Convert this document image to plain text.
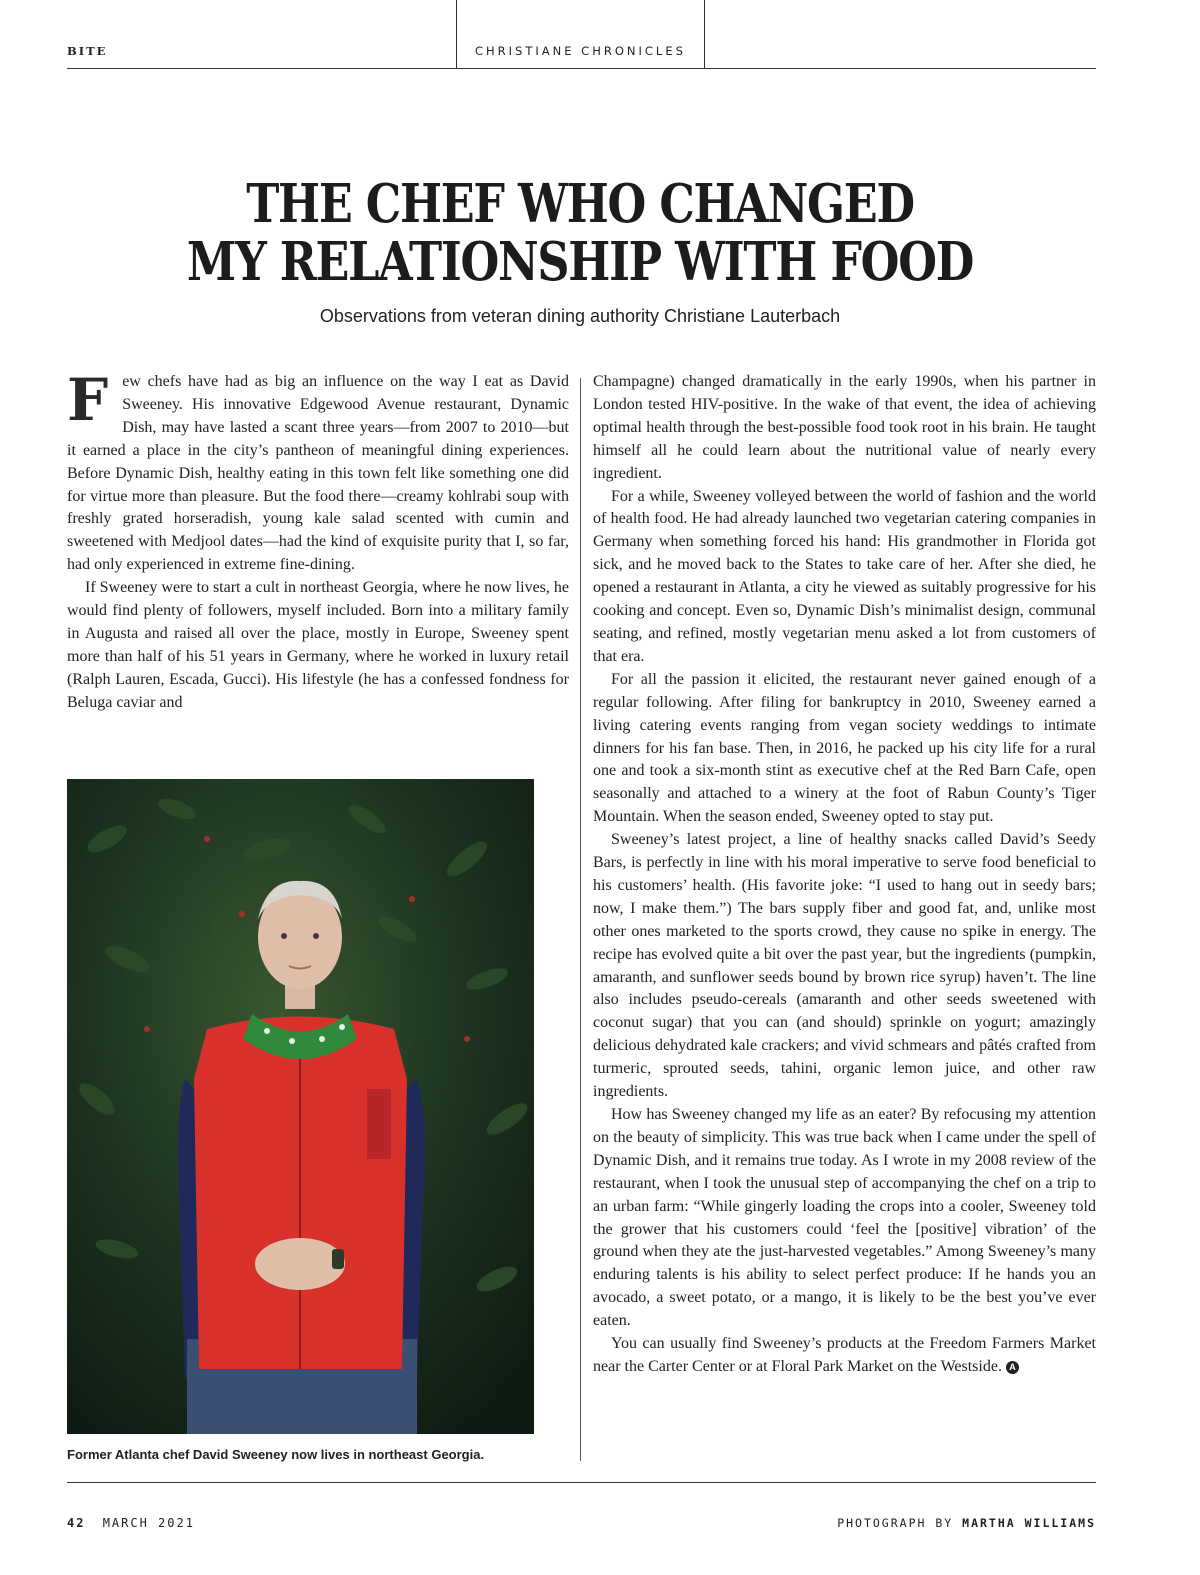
BITE	CHRISTIANE CHRONICLES
THE CHEF WHO CHANGED
MY RELATIONSHIP WITH FOOD
Observations from veteran dining authority Christiane Lauterbach

Few chefs have had as big an influence on the way I eat as David Sweeney. His innovative Edgewood Avenue restaurant, Dynamic Dish, may have lasted a scant three years—from 2007 to 2010—but it earned a place in the city’s pantheon of meaningful dining experiences. Before Dynamic Dish, healthy eating in this town felt like something one did for virtue more than pleasure. But the food there—creamy kohlrabi soup with freshly grated horseradish, young kale salad scented with cumin and sweetened with Medjool dates—had the kind of exquisite purity that I, so far, had only experienced in extreme fine-dining.

If Sweeney were to start a cult in northeast Georgia, where he now lives, he would find plenty of followers, myself included. Born into a military family in Augusta and raised all over the place, mostly in Europe, Sweeney spent more than half of his 51 years in Germany, where he worked in luxury retail (Ralph Lauren, Escada, Gucci). His lifestyle (he has a confessed fondness for Beluga caviar and

Former Atlanta chef David Sweeney now lives in northeast Georgia.

Champagne) changed dramatically in the early 1990s, when his partner in London tested HIV-positive. In the wake of that event, the idea of achieving optimal health through the best-possible food took root in his brain. He taught himself all he could learn about the nutritional value of nearly every ingredient.

For a while, Sweeney volleyed between the world of fashion and the world of health food. He had already launched two vegetarian catering companies in Germany when something forced his hand: His grandmother in Florida got sick, and he moved back to the States to take care of her. After she died, he opened a restaurant in Atlanta, a city he viewed as suitably progressive for his cooking and concept. Even so, Dynamic Dish’s minimalist design, communal seating, and refined, mostly vegetarian menu asked a lot from customers of that era.

For all the passion it elicited, the restaurant never gained enough of a regular following. After filing for bankruptcy in 2010, Sweeney earned a living catering events ranging from vegan society weddings to intimate dinners for his fan base. Then, in 2016, he packed up his city life for a rural one and took a six-month stint as executive chef at the Red Barn Cafe, open seasonally and attached to a winery at the foot of Rabun County’s Tiger Mountain. When the season ended, Sweeney opted to stay put.

Sweeney’s latest project, a line of healthy snacks called David’s Seedy Bars, is perfectly in line with his moral imperative to serve food beneficial to his customers’ health. (His favorite joke: “I used to hang out in seedy bars; now, I make them.”) The bars supply fiber and good fat, and, unlike most other ones marketed to the sports crowd, they cause no spike in energy. The recipe has evolved quite a bit over the past year, but the ingredients (pumpkin, amaranth, and sunflower seeds bound by brown rice syrup) haven’t. The line also includes pseudo-cereals (amaranth and other seeds sweetened with coconut sugar) that you can (and should) sprinkle on yogurt; amazingly delicious dehydrated kale crackers; and vivid schmears and pâtés crafted from turmeric, sprouted seeds, tahini, organic lemon juice, and other raw ingredients.

How has Sweeney changed my life as an eater? By refocusing my attention on the beauty of simplicity. This was true back when I came under the spell of Dynamic Dish, and it remains true today. As I wrote in my 2008 review of the restaurant, when I took the unusual step of accompanying the chef on a trip to an urban farm: “While gingerly loading the crops into a cooler, Sweeney told the grower that his customers could ‘feel the [positive] vibration’ of the ground when they ate the just-harvested vegetables.” Among Sweeney’s many enduring talents is his ability to select perfect produce: If he hands you an avocado, a sweet potato, or a mango, it is likely to be the best you’ve ever eaten.

You can usually find Sweeney’s products at the Freedom Farmers Market near the Carter Center or at Floral Park Market on the Westside. A

42 MARCH 2021	PHOTOGRAPH BY MARTHA WILLIAMS
